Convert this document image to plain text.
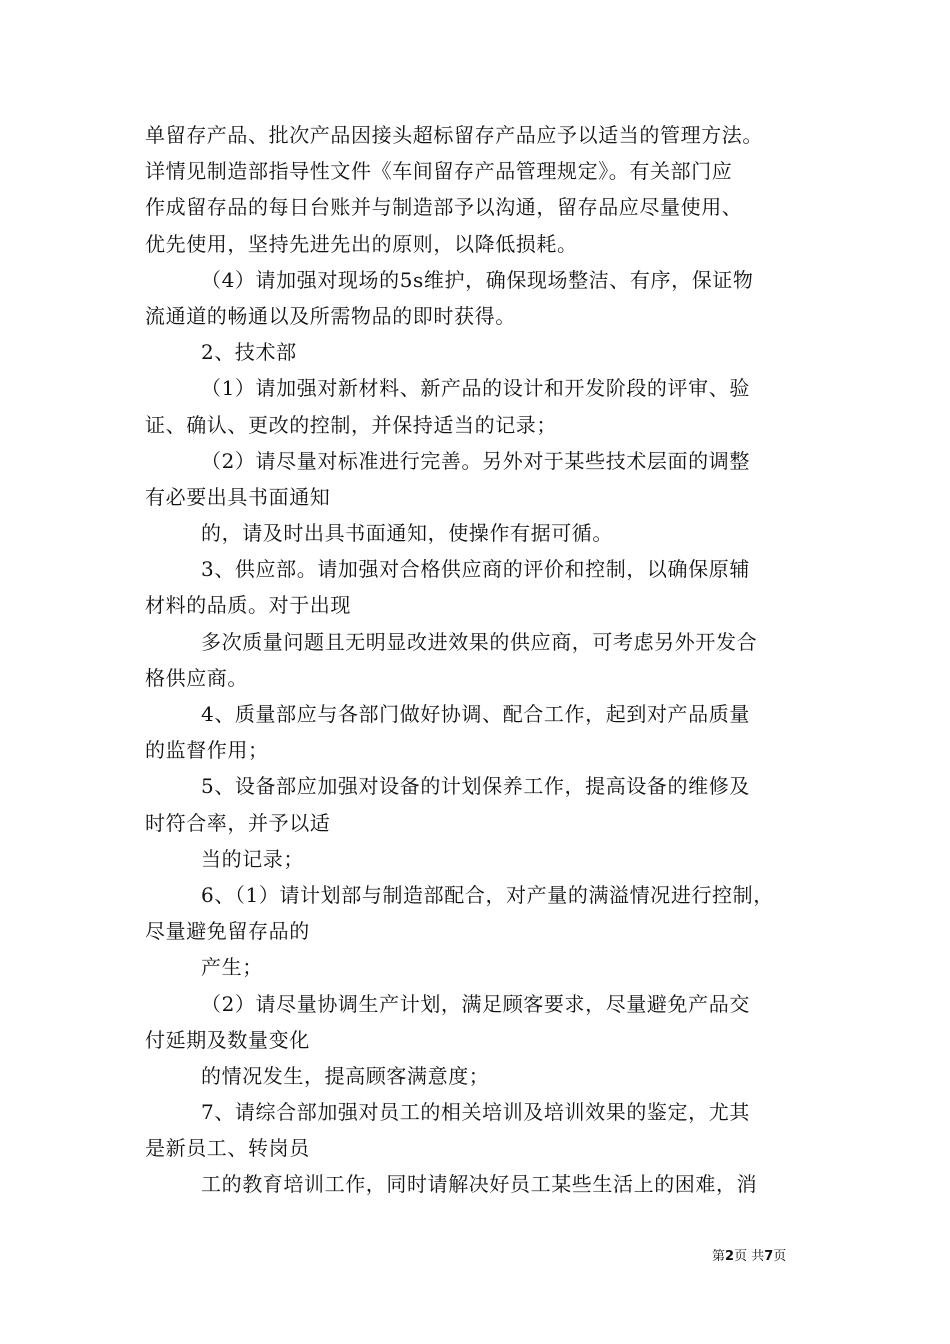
单留存产品、批次产品因接头超标留存产品应予以适当的管理方法。
详情见制造部指导性文件《车间留存产品管理规定》。有关部门应
作成留存品的每日台账并与制造部予以沟通，留存品应尽量使用、
优先使用，坚持先进先出的原则，以降低损耗。
（4）请加强对现场的5s维护，确保现场整洁、有序，保证物
流通道的畅通以及所需物品的即时获得。
2、技术部
（1）请加强对新材料、新产品的设计和开发阶段的评审、验
证、确认、更改的控制，并保持适当的记录；
（2）请尽量对标准进行完善。另外对于某些技术层面的调整
有必要出具书面通知
的，请及时出具书面通知，使操作有据可循。
3、供应部。请加强对合格供应商的评价和控制，以确保原辅
材料的品质。对于出现
多次质量问题且无明显改进效果的供应商，可考虑另外开发合
格供应商。
4、质量部应与各部门做好协调、配合工作，起到对产品质量
的监督作用；
5、设备部应加强对设备的计划保养工作，提高设备的维修及
时符合率，并予以适
当的记录；
6、（1）请计划部与制造部配合，对产量的满溢情况进行控制，
尽量避免留存品的
产生；
（2）请尽量协调生产计划，满足顾客要求，尽量避免产品交
付延期及数量变化
的情况发生，提高顾客满意度；
7、请综合部加强对员工的相关培训及培训效果的鉴定，尤其
是新员工、转岗员
工的教育培训工作，同时请解决好员工某些生活上的困难，消
第2页 共7页
